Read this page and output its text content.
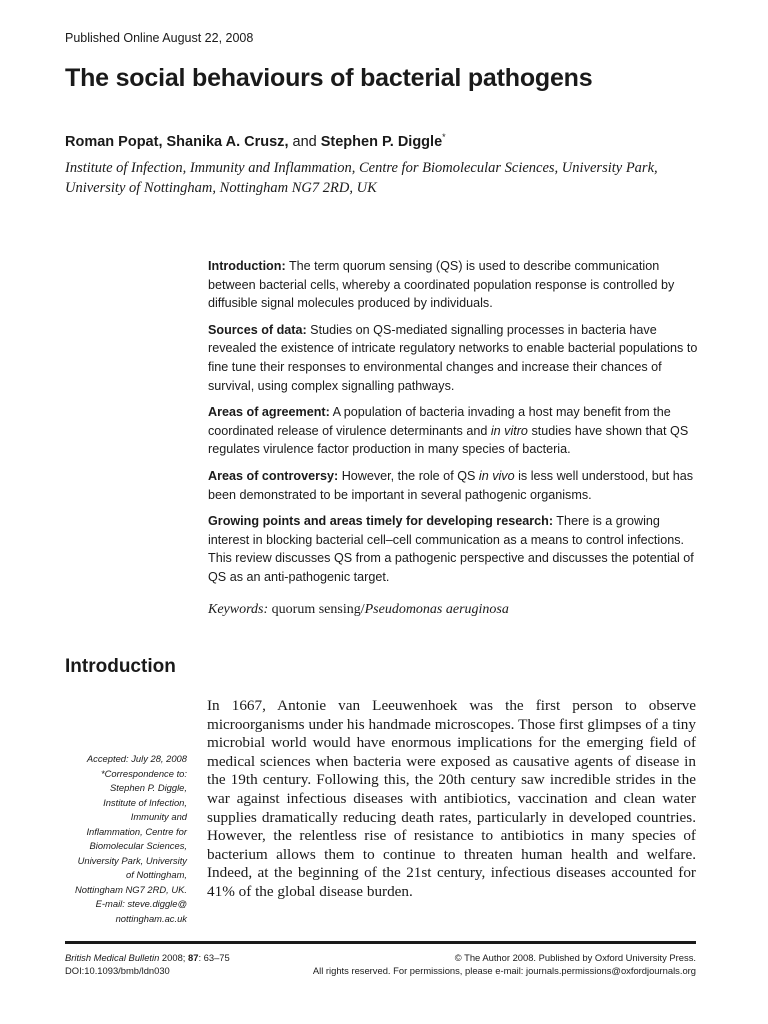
Published Online August 22, 2008
The social behaviours of bacterial pathogens
Roman Popat, Shanika A. Crusz, and Stephen P. Diggle*
Institute of Infection, Immunity and Inflammation, Centre for Biomolecular Sciences, University Park, University of Nottingham, Nottingham NG7 2RD, UK

Introduction: The term quorum sensing (QS) is used to describe communication between bacterial cells, whereby a coordinated population response is controlled by diffusible signal molecules produced by individuals.

Sources of data: Studies on QS-mediated signalling processes in bacteria have revealed the existence of intricate regulatory networks to enable bacterial populations to fine tune their responses to environmental changes and increase their chances of survival, using complex signalling pathways.

Areas of agreement: A population of bacteria invading a host may benefit from the coordinated release of virulence determinants and in vitro studies have shown that QS regulates virulence factor production in many species of bacteria.

Areas of controversy: However, the role of QS in vivo is less well understood, but has been demonstrated to be important in several pathogenic organisms.

Growing points and areas timely for developing research: There is a growing interest in blocking bacterial cell–cell communication as a means to control infections. This review discusses QS from a pathogenic perspective and discusses the potential of QS as an anti-pathogenic target.

Keywords: quorum sensing/Pseudomonas aeruginosa

Introduction

In 1667, Antonie van Leeuwenhoek was the first person to observe microorganisms under his handmade microscopes. Those first glimpses of a tiny microbial world would have enormous implications for the emerging field of medical sciences when bacteria were exposed as causative agents of disease in the 19th century. Following this, the 20th century saw incredible strides in the war against infectious diseases with antibiotics, vaccination and clean water supplies dramatically reducing death rates, particularly in developed countries. However, the relentless rise of resistance to antibiotics in many species of bacterium allows them to continue to threaten human health and welfare. Indeed, at the beginning of the 21st century, infectious diseases accounted for 41% of the global disease burden.

Accepted: July 28, 2008
*Correspondence to:
Stephen P. Diggle,
Institute of Infection,
Immunity and
Inflammation, Centre for
Biomolecular Sciences,
University Park, University
of Nottingham,
Nottingham NG7 2RD, UK.
E-mail: steve.diggle@
nottingham.ac.uk
British Medical Bulletin 2008; 87: 63–75
DOI:10.1093/bmb/ldn030
© The Author 2008. Published by Oxford University Press.
All rights reserved. For permissions, please e-mail: journals.permissions@oxfordjournals.org
